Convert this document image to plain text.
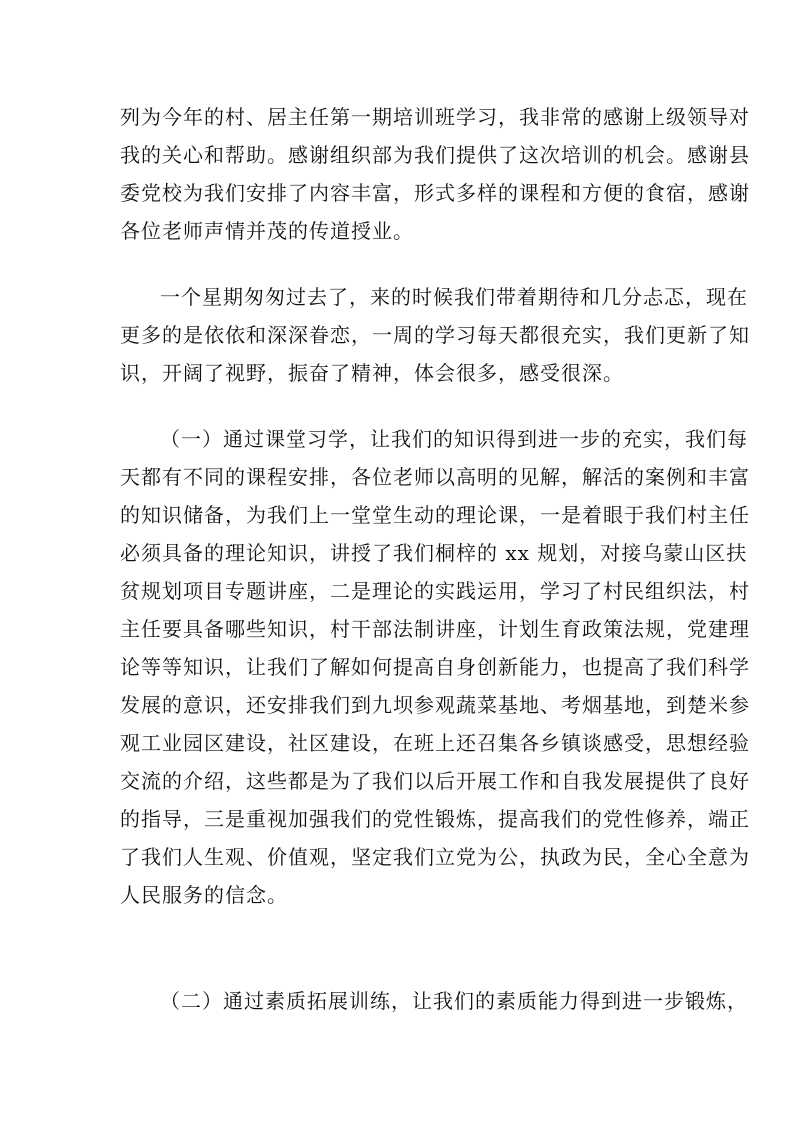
列为今年的村、居主任第一期培训班学习，我非常的感谢上级领导对
我的关心和帮助。感谢组织部为我们提供了这次培训的机会。感谢县
委党校为我们安排了内容丰富，形式多样的课程和方便的食宿，感谢
各位老师声情并茂的传道授业。
一个星期匆匆过去了，来的时候我们带着期待和几分忐忑，现在
更多的是依依和深深眷恋，一周的学习每天都很充实，我们更新了知
识，开阔了视野，振奋了精神，体会很多，感受很深。
（一）通过课堂习学，让我们的知识得到进一步的充实，我们每
天都有不同的课程安排，各位老师以高明的见解，解活的案例和丰富
的知识储备，为我们上一堂堂生动的理论课，一是着眼于我们村主任
必须具备的理论知识，讲授了我们桐梓的 xx 规划，对接乌蒙山区扶
贫规划项目专题讲座，二是理论的实践运用，学习了村民组织法，村
主任要具备哪些知识，村干部法制讲座，计划生育政策法规，党建理
论等等知识，让我们了解如何提高自身创新能力，也提高了我们科学
发展的意识，还安排我们到九坝参观蔬菜基地、考烟基地，到楚米参
观工业园区建设，社区建设，在班上还召集各乡镇谈感受，思想经验
交流的介绍，这些都是为了我们以后开展工作和自我发展提供了良好
的指导，三是重视加强我们的党性锻炼，提高我们的党性修养，端正
了我们人生观、价值观，坚定我们立党为公，执政为民，全心全意为
人民服务的信念。
（二）通过素质拓展训练，让我们的素质能力得到进一步锻炼，
